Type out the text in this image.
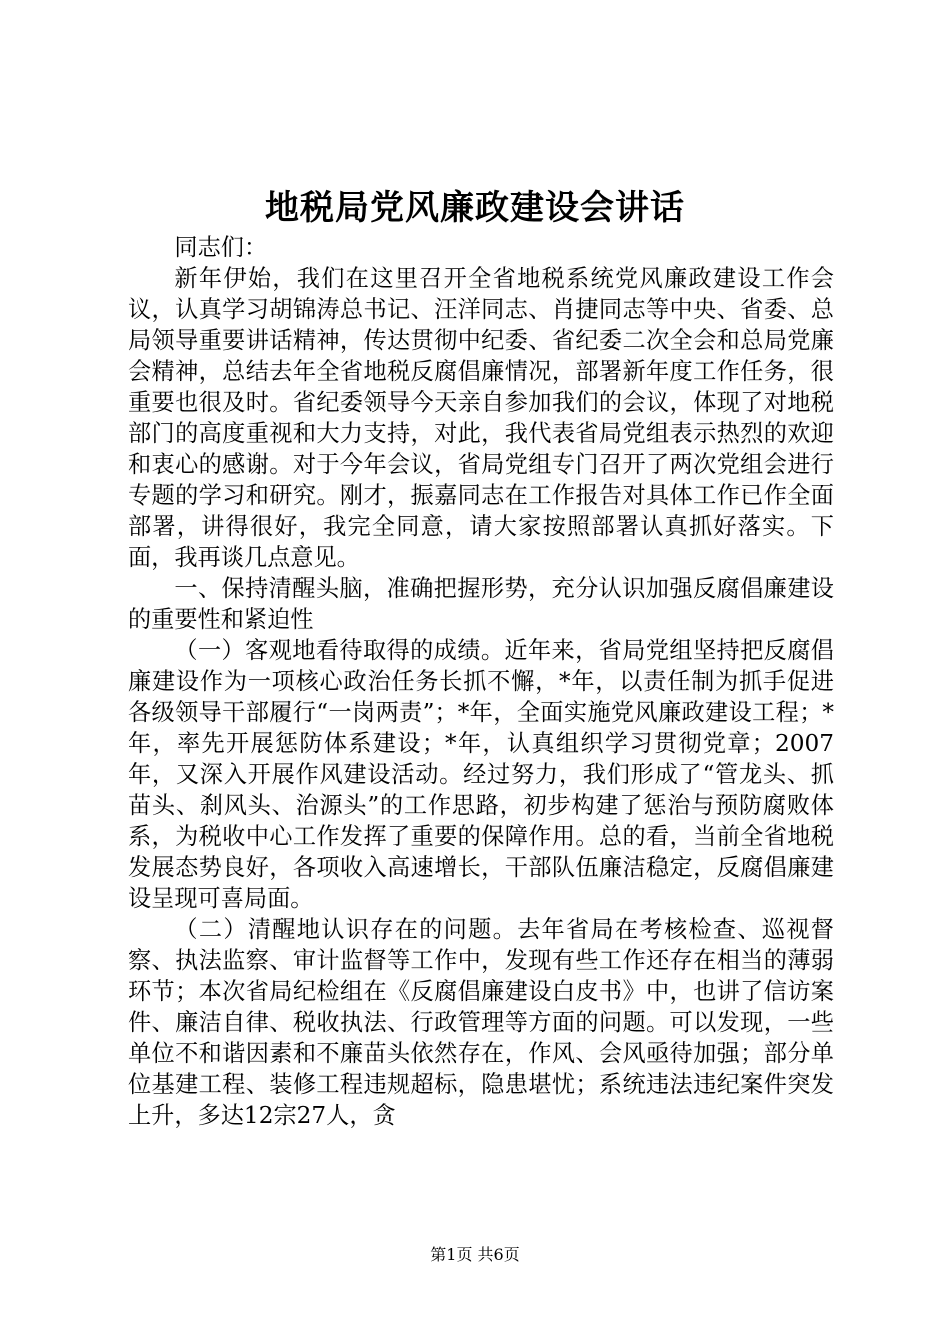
地税局党风廉政建设会讲话

同志们：

新年伊始，我们在这里召开全省地税系统党风廉政建设工作会议，认真学习胡锦涛总书记、汪洋同志、肖捷同志等中央、省委、总局领导重要讲话精神，传达贯彻中纪委、省纪委二次全会和总局党廉会精神，总结去年全省地税反腐倡廉情况，部署新年度工作任务，很重要也很及时。省纪委领导今天亲自参加我们的会议，体现了对地税部门的高度重视和大力支持，对此，我代表省局党组表示热烈的欢迎和衷心的感谢。对于今年会议，省局党组专门召开了两次党组会进行专题的学习和研究。刚才，振嘉同志在工作报告对具体工作已作全面部署，讲得很好，我完全同意，请大家按照部署认真抓好落实。下面，我再谈几点意见。

一、保持清醒头脑，准确把握形势，充分认识加强反腐倡廉建设的重要性和紧迫性

（一）客观地看待取得的成绩。近年来，省局党组坚持把反腐倡廉建设作为一项核心政治任务长抓不懈，*年，以责任制为抓手促进各级领导干部履行“一岗两责”；*年，全面实施党风廉政建设工程；*年，率先开展惩防体系建设；*年，认真组织学习贯彻党章；2007年，又深入开展作风建设活动。经过努力，我们形成了“管龙头、抓苗头、刹风头、治源头”的工作思路，初步构建了惩治与预防腐败体系，为税收中心工作发挥了重要的保障作用。总的看，当前全省地税发展态势良好，各项收入高速增长，干部队伍廉洁稳定，反腐倡廉建设呈现可喜局面。

（二）清醒地认识存在的问题。去年省局在考核检查、巡视督察、执法监察、审计监督等工作中，发现有些工作还存在相当的薄弱环节；本次省局纪检组在《反腐倡廉建设白皮书》中，也讲了信访案件、廉洁自律、税收执法、行政管理等方面的问题。可以发现，一些单位不和谐因素和不廉苗头依然存在，作风、会风亟待加强；部分单位基建工程、装修工程违规超标，隐患堪忧；系统违法违纪案件突发上升，多达12宗27人，贪

第1页 共6页
